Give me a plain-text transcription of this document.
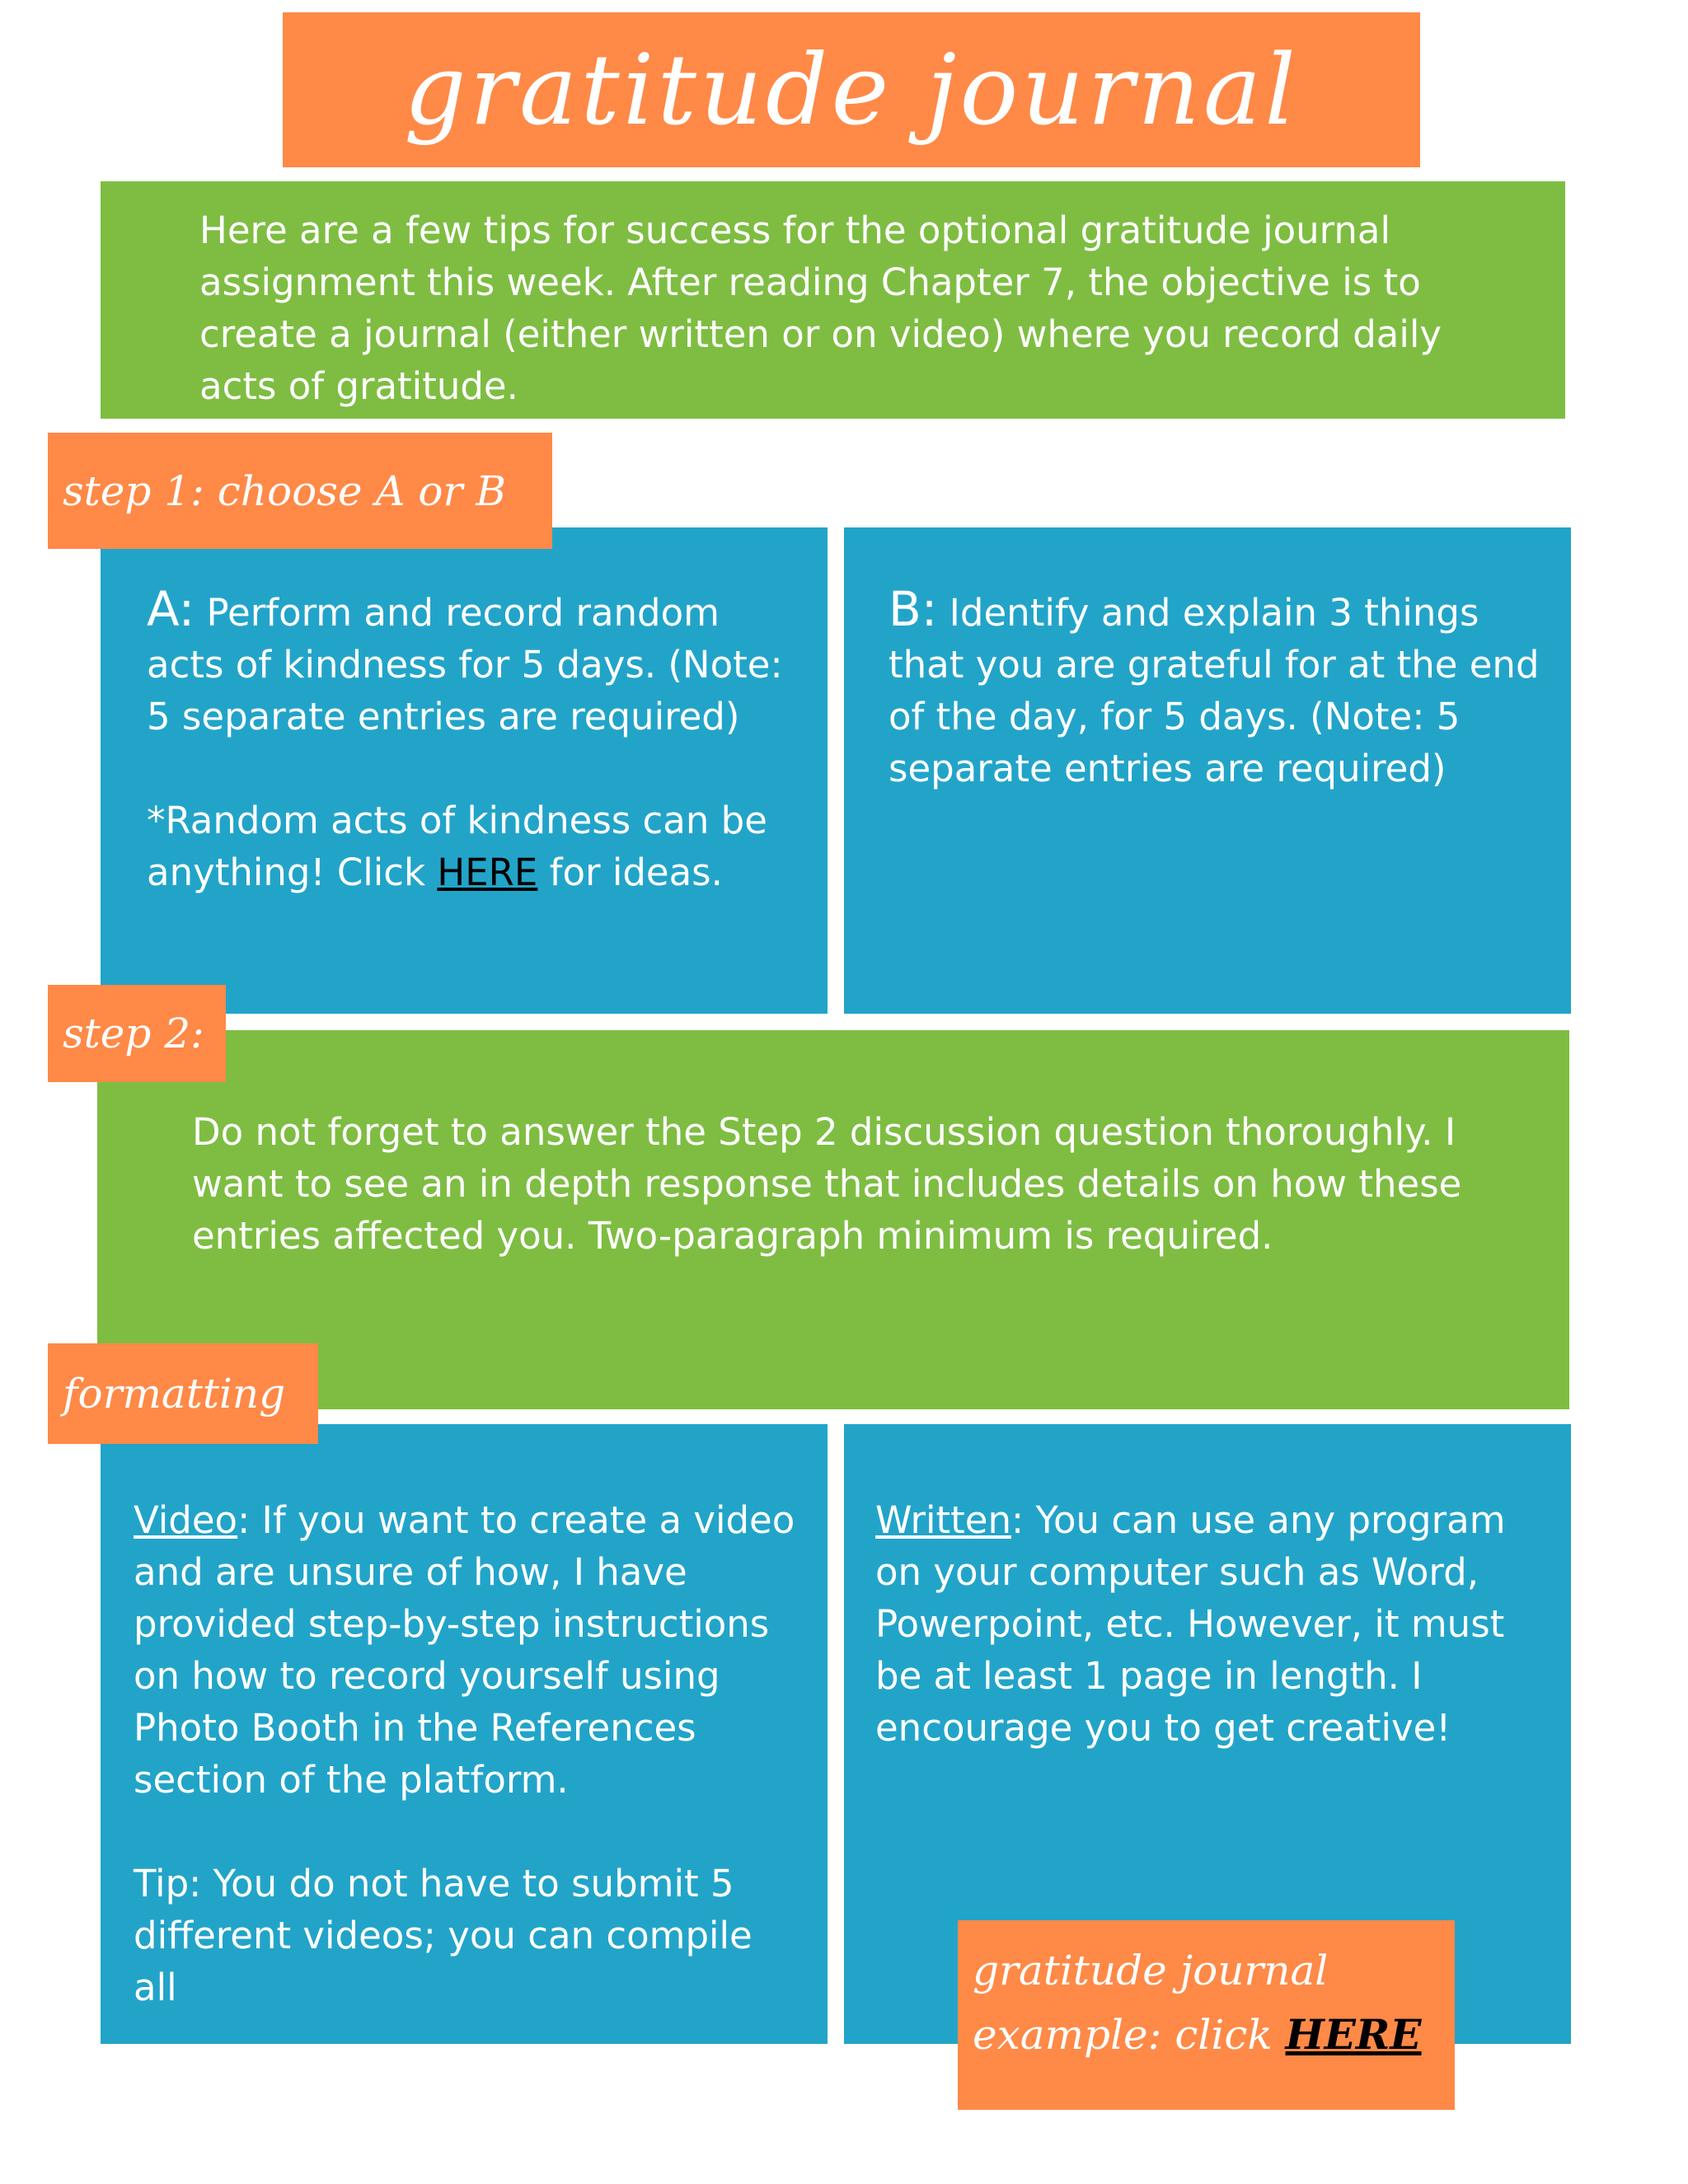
gratitude journal
Here are a few tips for success for the optional gratitude journal assignment this week. After reading Chapter 7, the objective is to create a journal (either written or on video) where you record daily acts of gratitude.
A: Perform and record random acts of kindness for 5 days. (Note: 5 separate entries are required)
*Random acts of kindness can be anything! Click HERE for ideas.
B: Identify and explain 3 things that you are grateful for at the end of the day, for 5 days. (Note: 5 separate entries are required)
step 1: choose A or B
Do not forget to answer the Step 2 discussion question thoroughly. I want to see an in depth response that includes details on how these entries affected you. Two-paragraph minimum is required.
step 2:
Video: If you want to create a video and are unsure of how, I have provided step-by-step instructions on how to record yourself using Photo Booth in the References section of the platform.
Tip: You do not have to submit 5 different videos; you can compile all
Written: You can use any program on your computer such as Word, Powerpoint, etc. However, it must be at least 1 page in length. I encourage you to get creative!
formatting
gratitude journal
example: click HERE
